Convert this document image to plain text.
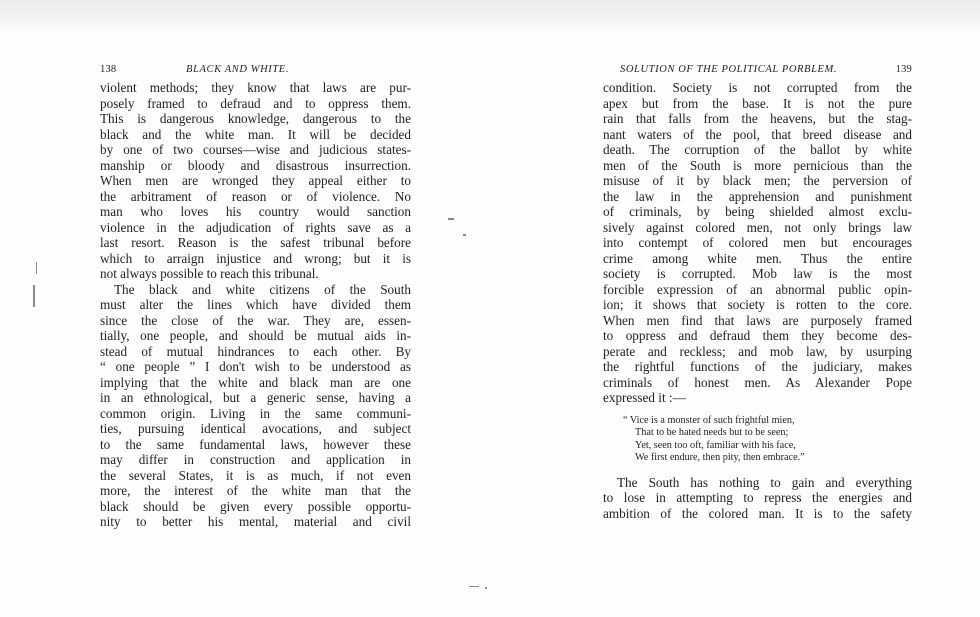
138	BLACK AND WHITE.
violent methods; they know that laws are pur-
posely framed to defraud and to oppress them.
This is dangerous knowledge, dangerous to the
black and the white man. It will be decided
by one of two courses—wise and judicious states-
manship or bloody and disastrous insurrection.
When men are wronged they appeal either to
the arbitrament of reason or of violence. No
man who loves his country would sanction
violence in the adjudication of rights save as a
last resort. Reason is the safest tribunal before
which to arraign injustice and wrong; but it is
not always possible to reach this tribunal.
The black and white citizens of the South
must alter the lines which have divided them
since the close of the war. They are, essen-
tially, one people, and should be mutual aids in-
stead of mutual hindrances to each other. By
“ one people ” I don't wish to be understood as
implying that the white and black man are one
in an ethnological, but a generic sense, having a
common origin. Living in the same communi-
ties, pursuing identical avocations, and subject
to the same fundamental laws, however these
may differ in construction and application in
the several States, it is as much, if not even
more, the interest of the white man that the
black should be given every possible opportu-
nity to better his mental, material and civil
SOLUTION OF THE POLITICAL PORBLEM.	139
condition. Society is not corrupted from the
apex but from the base. It is not the pure
rain that falls from the heavens, but the stag-
nant waters of the pool, that breed disease and
death. The corruption of the ballot by white
men of the South is more pernicious than the
misuse of it by black men; the perversion of
the law in the apprehension and punishment
of criminals, by being shielded almost exclu-
sively against colored men, not only brings law
into contempt of colored men but encourages
crime among white men. Thus the entire
society is corrupted. Mob law is the most
forcible expression of an abnormal public opin-
ion; it shows that society is rotten to the core.
When men find that laws are purposely framed
to oppress and defraud them they become des-
perate and reckless; and mob law, by usurping
the rightful functions of the judiciary, makes
criminals of honest men. As Alexander Pope
expressed it :—
“ Vice is a monster of such frightful mien,
That to be hated needs but to be seen;
Yet, seen too oft, familiar with his face,
We first endure, then pity, then embrace.”
The South has nothing to gain and everything
to lose in attempting to repress the energies and
ambition of the colored man. It is to the safety
